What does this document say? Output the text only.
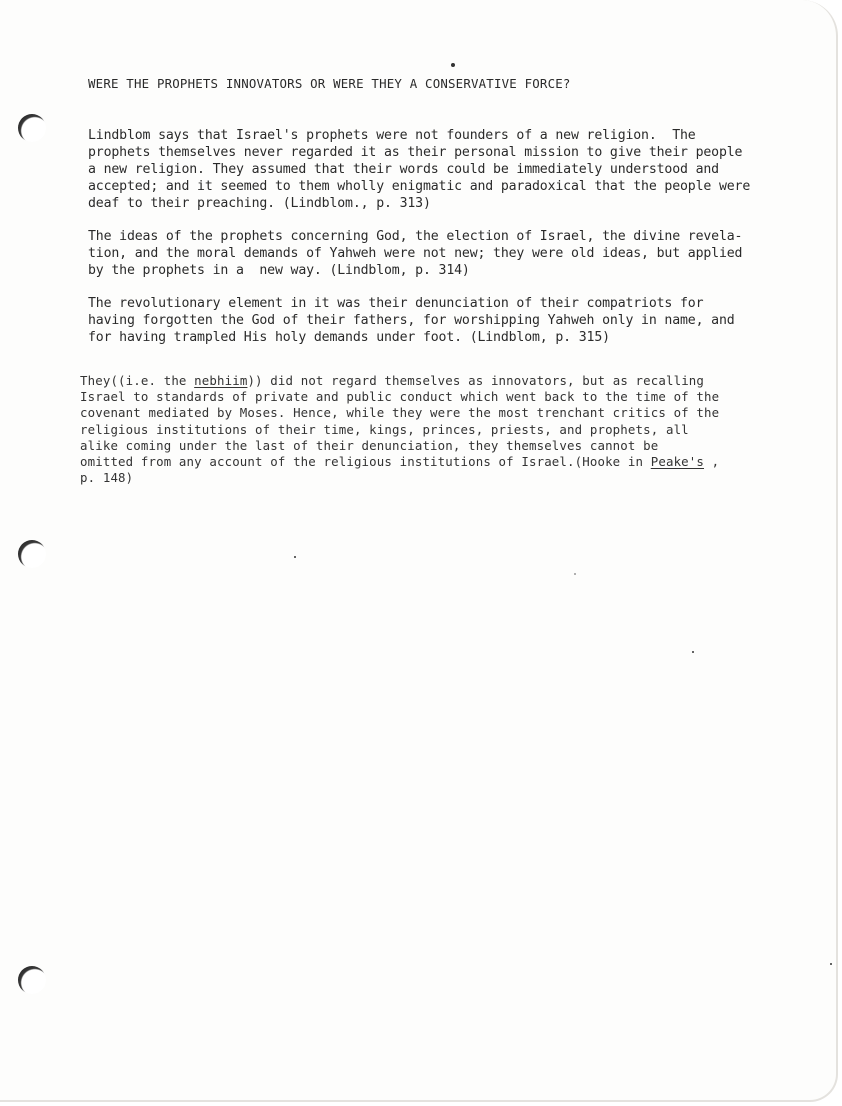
WERE THE PROPHETS INNOVATORS OR WERE THEY A CONSERVATIVE FORCE?

Lindblom says that Israel's prophets were not founders of a new religion.  The
prophets themselves never regarded it as their personal mission to give their people
a new religion. They assumed that their words could be immediately understood and
accepted; and it seemed to them wholly enigmatic and paradoxical that the people were
deaf to their preaching. (Lindblom., p. 313)
The ideas of the prophets concerning God, the election of Israel, the divine revela-
tion, and the moral demands of Yahweh were not new; they were old ideas, but applied
by the prophets in a  new way. (Lindblom, p. 314)
The revolutionary element in it was their denunciation of their compatriots for
having forgotten the God of their fathers, for worshipping Yahweh only in name, and
for having trampled His holy demands under foot. (Lindblom, p. 315)
They((i.e. the nebhiim)) did not regard themselves as innovators, but as recalling
Israel to standards of private and public conduct which went back to the time of the
covenant mediated by Moses. Hence, while they were the most trenchant critics of the
religious institutions of their time, kings, princes, priests, and prophets, all
alike coming under the last of their denunciation, they themselves cannot be
omitted from any account of the religious institutions of Israel.(Hooke in Peake's ,
p. 148)
